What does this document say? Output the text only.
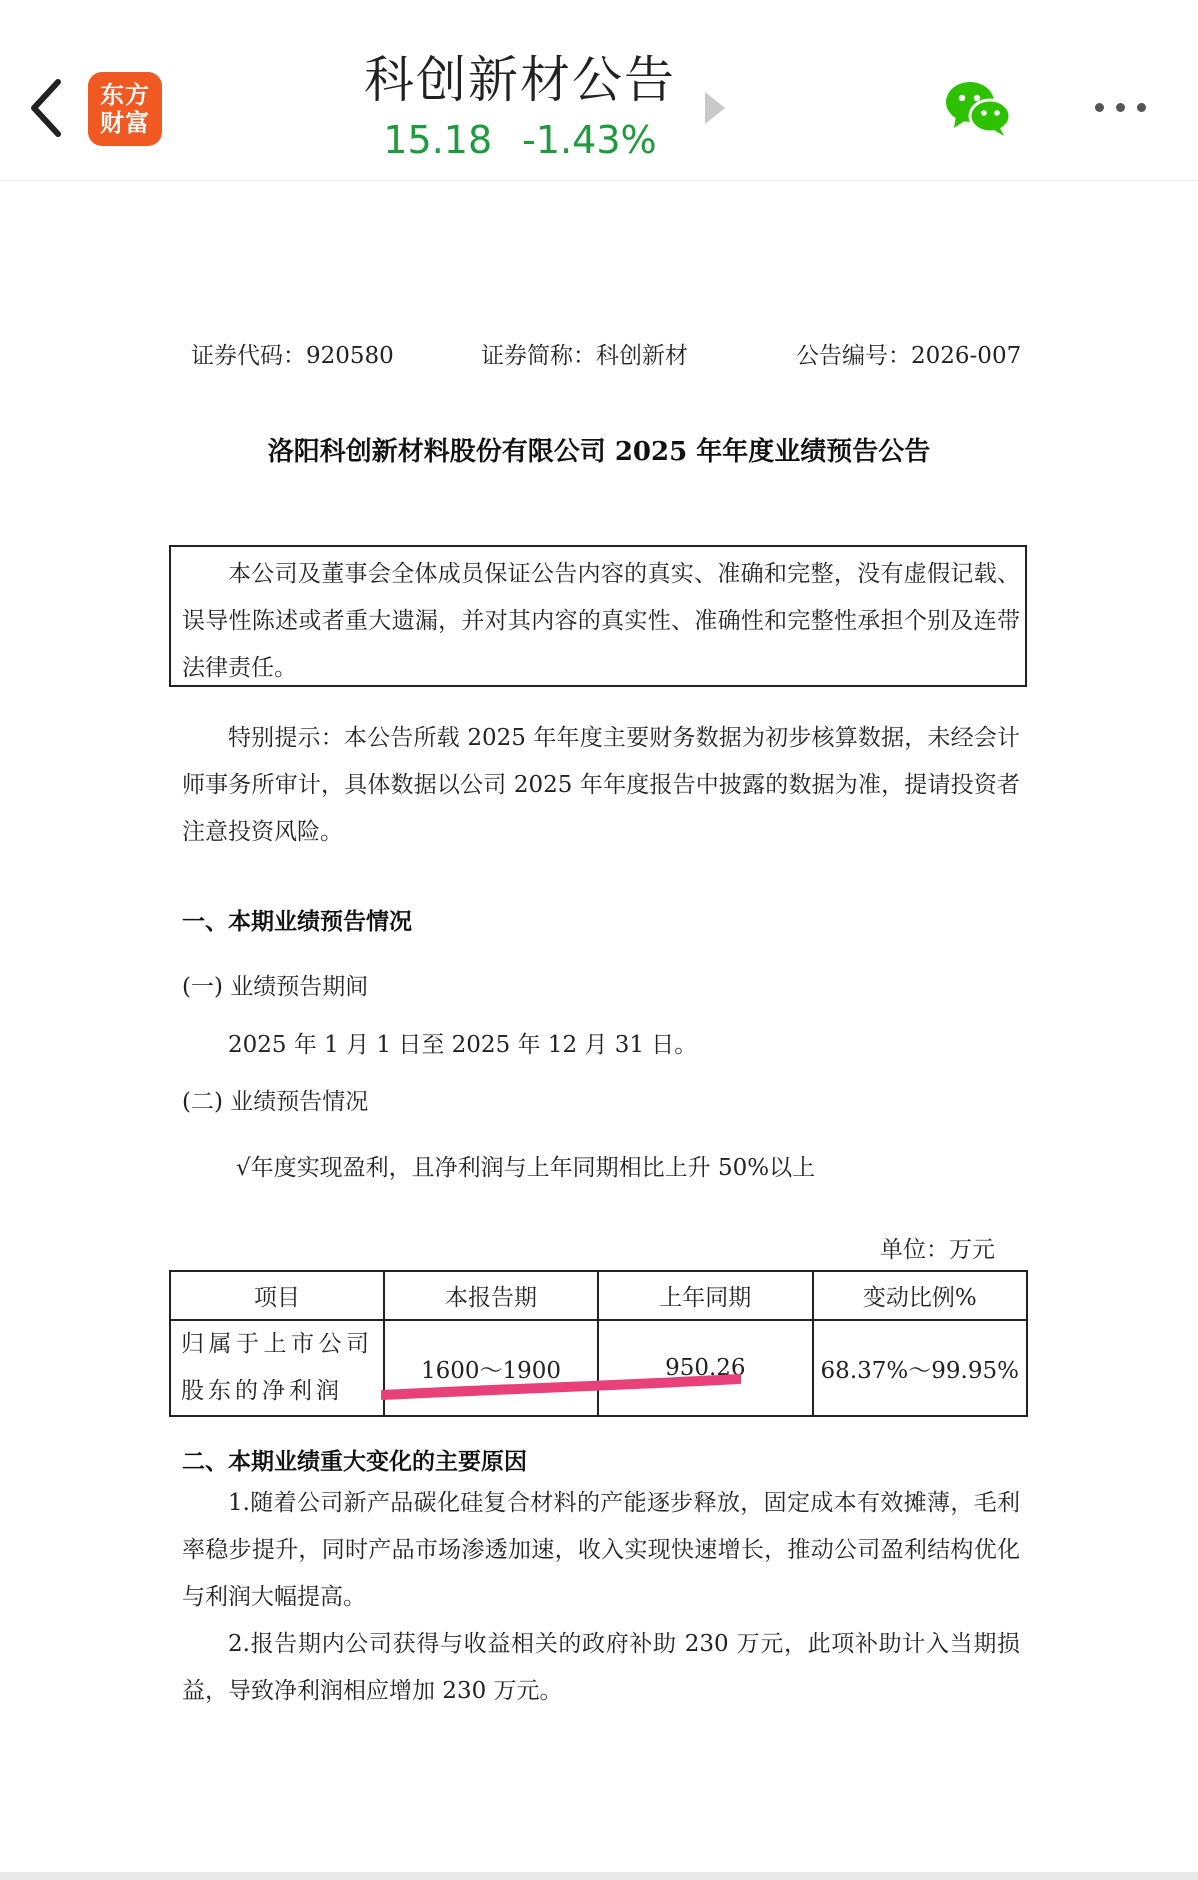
东方
财富
科创新材公告
15.18 -1.43%
证券代码：920580	证券简称：科创新材	公告编号：2026-007
洛阳科创新材料股份有限公司 2025 年年度业绩预告公告
本公司及董事会全体成员保证公告内容的真实、准确和完整，没有虚假记载、误导性陈述或者重大遗漏，并对其内容的真实性、准确性和完整性承担个别及连带法律责任。
特别提示：本公告所载 2025 年年度主要财务数据为初步核算数据，未经会计师事务所审计，具体数据以公司 2025 年年度报告中披露的数据为准，提请投资者注意投资风险。
一、本期业绩预告情况
(一) 业绩预告期间
2025 年 1 月 1 日至 2025 年 12 月 31 日。
(二) 业绩预告情况
√年度实现盈利，且净利润与上年同期相比上升 50%以上
单位：万元
项目	本报告期	上年同期	变动比例%
归属于上市公司股东的净利润	1600～1900	950.26	68.37%～99.95%
二、本期业绩重大变化的主要原因
1.随着公司新产品碳化硅复合材料的产能逐步释放，固定成本有效摊薄，毛利率稳步提升，同时产品市场渗透加速，收入实现快速增长，推动公司盈利结构优化与利润大幅提高。
2.报告期内公司获得与收益相关的政府补助 230 万元，此项补助计入当期损益，导致净利润相应增加 230 万元。
